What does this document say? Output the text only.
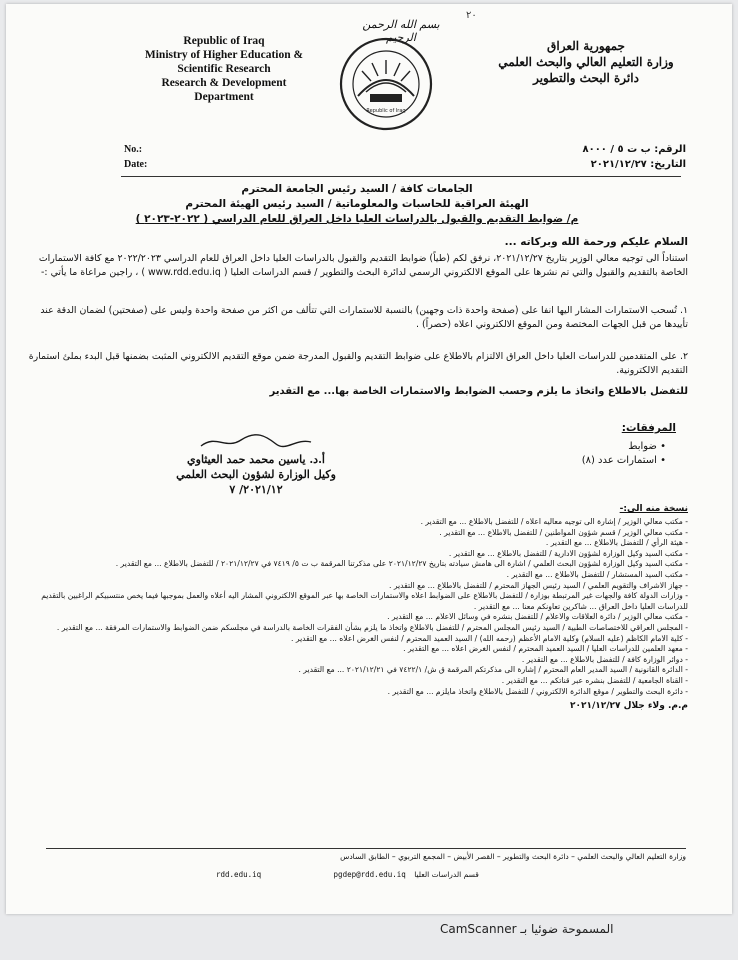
٢٠
بسم الله الرحمن الرحيم
Republic of Iraq
Ministry of Higher Education &
Scientific Research
Research & Development
Department
Republic of Iraq
جمهورية العراق
وزارة التعليم العالي والبحث العلمي
دائرة البحث والتطوير
No.:
Date:
الرقم: ب ت ٥ / ٨٠٠٠
التاريخ: ٢٠٢١/١٢/٢٧
الجامعات كافة / السيد رئيس الجامعة المحترم
الهيئة العراقية للحاسبات والمعلوماتية / السيد رئيس الهيئة المحترم
م/ ضوابط التقديم والقبول بالدراسات العليا داخل العراق للعام الدراسي ( ٢٠٢٢-٢٠٢٣ )
السلام عليكم ورحمة الله وبركاته ...
استناداً الى توجيه معالي الوزير بتاريخ ٢٠٢١/١٢/٢٧، نرفق لكم (طياً) ضوابط التقديم والقبول بالدراسات العليا داخل العراق للعام الدراسي ٢٠٢٢/٢٠٢٣ مع كافة الاستمارات الخاصة بالتقديم والقبول والتي تم نشرها على الموقع الالكتروني الرسمي لدائرة البحث والتطوير / قسم الدراسات العليا ( www.rdd.edu.iq ) ، راجين مراعاة ما يأتي :-
١. تُسحب الاستمارات المشار اليها انفا على (صفحة واحدة ذات وجهين) بالنسبة للاستمارات التي تتألف من اكثر من صفحة واحدة وليس على (صفحتين) لضمان الدقة عند تأييدها من قبل الجهات المختصة ومن الموقع الالكتروني اعلاه (حصراً) .
٢. على المتقدمين للدراسات العليا داخل العراق الالتزام بالاطلاع على ضوابط التقديم والقبول المدرجة ضمن موقع التقديم الالكتروني المثبت بضمنها قبل البدء بملئ استمارة التقديم الالكترونية.
للتفضل بالاطلاع واتخاذ ما يلزم وحسب الضوابط والاستمارات الخاصة بها... مع التقدير
المرفقات:
• ضوابط
• استمارات عدد (٨)
أ.د. ياسين محمد حمد العيثاوي
وكيل الوزارة لشؤون البحث العلمي
٢٠٢١/١٢/ ٧
نسخة منه الى:-
- مكتب معالي الوزير / إشارة الى توجيه معاليه اعلاه / للتفضل بالاطلاع ... مع التقدير .
- مكتب معالي الوزير / قسم شؤون المواطنين / للتفضل بالاطلاع ... مع التقدير .
- هيئة الرأي / للتفضل بالاطلاع ... مع التقدير .
- مكتب السيد وكيل الوزارة لشؤون الادارية / للتفضل بالاطلاع ... مع التقدير .
- مكتب السيد وكيل الوزارة لشؤون البحث العلمي / اشارة الى هامش سيادته بتاريخ ٢٠٢١/١٢/٢٧ على مذكرتنا المرقمة ب ت ٥/ ٧٤١٩ في ٢٠٢١/١٢/٢٧ / للتفضل بالاطلاع ... مع التقدير .
- مكتب السيد المستشار / للتفضل بالاطلاع ... مع التقدير .
- جهاز الاشراف والتقويم العلمي / السيد رئيس الجهاز المحترم / للتفضل بالاطلاع ... مع التقدير .
- وزارات الدولة كافة والجهات غير المرتبطة بوزارة / للتفضل بالاطلاع على الضوابط اعلاه والاستمارات الخاصة بها عبر الموقع الالكتروني المشار اليه أعلاه والعمل بموجبها فيما يخص منتسبيكم الراغبين بالتقديم للدراسات العليا داخل العراق ... شاكرين تعاونكم معنا ... مع التقدير .
- مكتب معالي الوزير / دائرة العلاقات والاعلام / للتفضل بنشره في وسائل الاعلام ... مع التقدير .
- المجلس العراقي للاختصاصات الطبية / السيد رئيس المجلس المحترم / للتفضل بالاطلاع واتخاذ ما يلزم بشأن الفقرات الخاصة بالدراسة في مجلسكم ضمن الضوابط والاستمارات المرفقة ... مع التقدير .
- كلية الامام الكاظم (عليه السلام) وكلية الامام الأعظم (رحمه الله) / السيد العميد المحترم / لنفس الغرض اعلاه ... مع التقدير .
- معهد العلمين للدراسات العليا / السيد العميد المحترم / لنفس الغرض اعلاه ... مع التقدير .
- دوائر الوزارة كافة / للتفضل بالاطلاع ... مع التقدير .
- الدائرة القانونية / السيد المدير العام المحترم / إشارة الى مذكرتكم المرقمة ق ش/ ٧٤٢٢/١ في ٢٠٢١/١٢/٢١ ... مع التقدير .
- القناة الجامعية / للتفضل بنشره عبر قناتكم ... مع التقدير .
- دائرة البحث والتطوير / موقع الدائرة الالكتروني / للتفضل بالاطلاع واتخاذ مايلزم ... مع التقدير .
م.م. ولاء جلال ٢٠٢١/١٢/٢٧
وزارة التعليم العالي والبحث العلمي – دائرة البحث والتطوير – القصر الأبيض – المجمع التربوي – الطابق السادس
rdd.edu.iq	pgdep@rdd.edu.iq قسم الدراسات العليا
CamScanner المسموحة ضوئيا بـ
